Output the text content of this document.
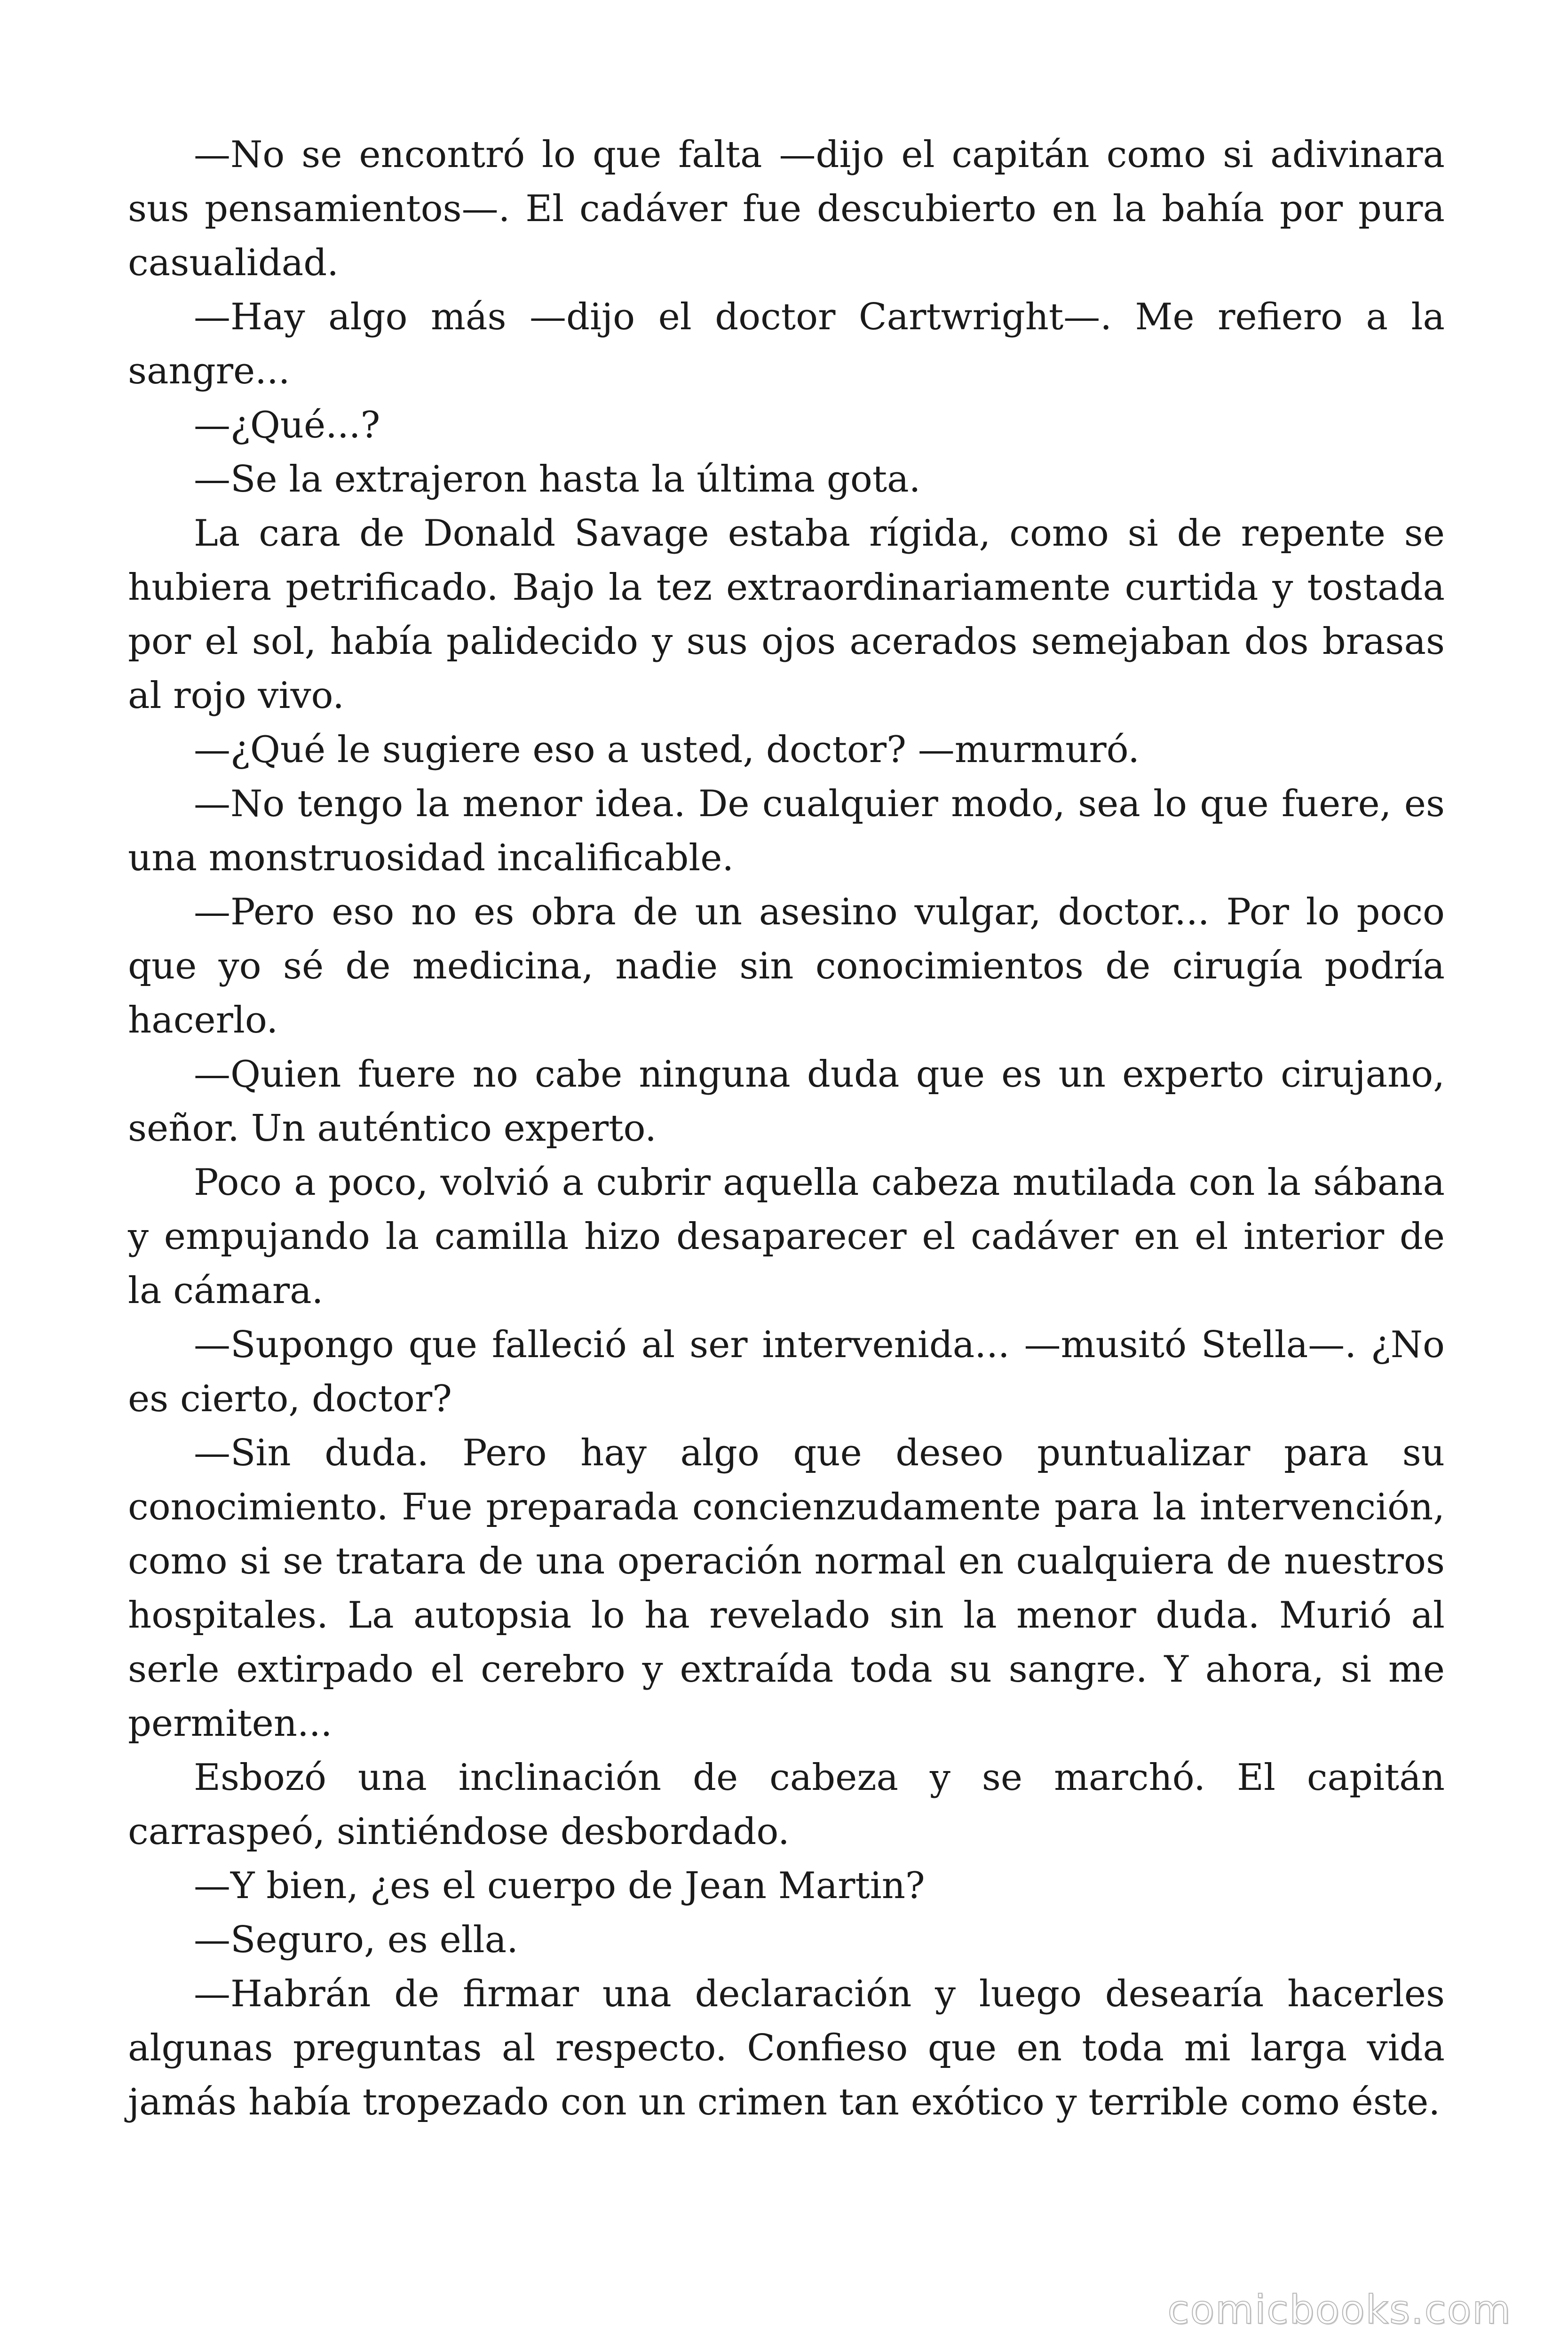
—No se encontró lo que falta —dijo el capitán como si adivinara sus pensamientos—. El cadáver fue descubierto en la bahía por pura casualidad.

—Hay algo más —dijo el doctor Cartwright—. Me refiero a la sangre...

—¿Qué...?

—Se la extrajeron hasta la última gota.

La cara de Donald Savage estaba rígida, como si de repente se hubiera petrificado. Bajo la tez extraordinariamente curtida y tostada por el sol, había palidecido y sus ojos acerados semejaban dos brasas al rojo vivo.

—¿Qué le sugiere eso a usted, doctor? —murmuró.

—No tengo la menor idea. De cualquier modo, sea lo que fuere, es una monstruosidad incalificable.

—Pero eso no es obra de un asesino vulgar, doctor... Por lo poco que yo sé de medicina, nadie sin conocimientos de cirugía podría hacerlo.

—Quien fuere no cabe ninguna duda que es un experto cirujano, señor. Un auténtico experto.

Poco a poco, volvió a cubrir aquella cabeza mutilada con la sábana y empujando la camilla hizo desaparecer el cadáver en el interior de la cámara.

—Supongo que falleció al ser intervenida... —musitó Stella—. ¿No es cierto, doctor?

—Sin duda. Pero hay algo que deseo puntualizar para su conocimiento. Fue preparada concienzudamente para la intervención, como si se tratara de una operación normal en cualquiera de nuestros hospitales. La autopsia lo ha revelado sin la menor duda. Murió al serle extirpado el cerebro y extraída toda su sangre. Y ahora, si me permiten...

Esbozó una inclinación de cabeza y se marchó. El capitán carraspeó, sintiéndose desbordado.

—Y bien, ¿es el cuerpo de Jean Martin?

—Seguro, es ella.

—Habrán de firmar una declaración y luego desearía hacerles algunas preguntas al respecto. Confieso que en toda mi larga vida jamás había tropezado con un crimen tan exótico y terrible como éste.

comicbooks.com
